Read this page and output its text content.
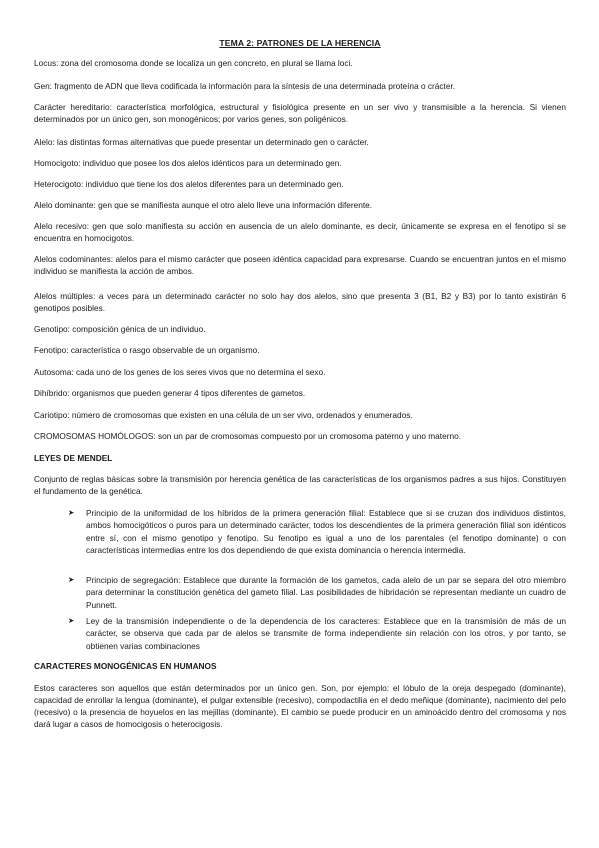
TEMA 2: PATRONES DE LA HERENCIA
Locus: zona del cromosoma donde se localiza un gen concreto, en plural se llama loci.
Gen: fragmento de ADN que lleva codificada la información para la síntesis de una determinada proteína o crácter.
Carácter hereditario: característica morfológica, estructural y fisiológica presente en un ser vivo y transmisible a la herencia. Si vienen determinados por un único gen, son monogénicos; por varios genes, son poligénicos.
Alelo: las distintas formas alternativas que puede presentar un determinado gen o carácter.
Homocigoto: individuo que posee los dos alelos idénticos para un determinado gen.
Heterocigoto: individuo que tiene los dos alelos diferentes para un determinado gen.
Alelo dominante: gen que se manifiesta aunque el otro alelo lleve una información diferente.
Alelo recesivo: gen que solo manifiesta su acción en ausencia de un alelo dominante, es decir, únicamente se expresa en el fenotipo si se encuentra en homocigotos.
Alelos codominantes: alelos para el mismo carácter que poseen idéntica capacidad para expresarse. Cuando se encuentran juntos en el mismo individuo se manifiesta la acción de ambos.
Alelos múltiples: a veces para un determinado carácter no solo hay dos alelos, sino que presenta 3 (B1, B2 y B3) por lo tanto existirán 6 genotipos posibles.
Genotipo: composición génica de un individuo.
Fenotipo: característica o rasgo observable de un organismo.
Autosoma: cada uno de los genes de los seres vivos que no determina el sexo.
Dihíbrido: organismos que pueden generar 4 tipos diferentes de gametos.
Cariotipo: número de cromosomas que existen en una célula de un ser vivo, ordenados y enumerados.
CROMOSOMAS HOMÓLOGOS: son un par de cromosomas compuesto por un cromosoma paterno y uno materno.
LEYES DE MENDEL
Conjunto de reglas básicas sobre la transmisión por herencia genética de las características de los organismos padres a sus hijos. Constituyen el fundamento de la genética.
➤ Principio de la uniformidad de los híbridos de la primera generación filial: Establece que si se cruzan dos individuos distintos, ambos homocigóticos o puros para un determinado carácter, todos los descendientes de la primera generación filial son idénticos entre sí, con el mismo genotipo y fenotipo. Su fenotipo es igual a uno de los parentales (el fenotipo dominante) o con características intermedias entre los dos dependiendo de que exista dominancia o herencia intermedia.
➤ Principio de segregación: Establece que durante la formación de los gametos, cada alelo de un par se separa del otro miembro para determinar la constitución genética del gameto filial. Las posibilidades de hibridación se representan mediante un cuadro de Punnett.
➤ Ley de la transmisión independiente o de la dependencia de los caracteres: Establece que en la transmisión de más de un carácter, se observa que cada par de alelos se transmite de forma independiente sin relación con los otros, y por tanto, se obtienen varias combinaciones
CARACTERES MONOGÉNICAS EN HUMANOS
Estos caracteres son aquellos que están determinados por un único gen. Son, por ejemplo: el lóbulo de la oreja despegado (dominante), capacidad de enrollar la lengua (dominante), el pulgar extensible (recesivo), compodactilia en el dedo meñique (dominante), nacimiento del pelo (recesivo) o la presencia de hoyuelos en las mejillas (dominante). El cambio se puede producir en un aminoácido dentro del cromosoma y nos dará lugar a casos de homocigosis o heterocigosis.
